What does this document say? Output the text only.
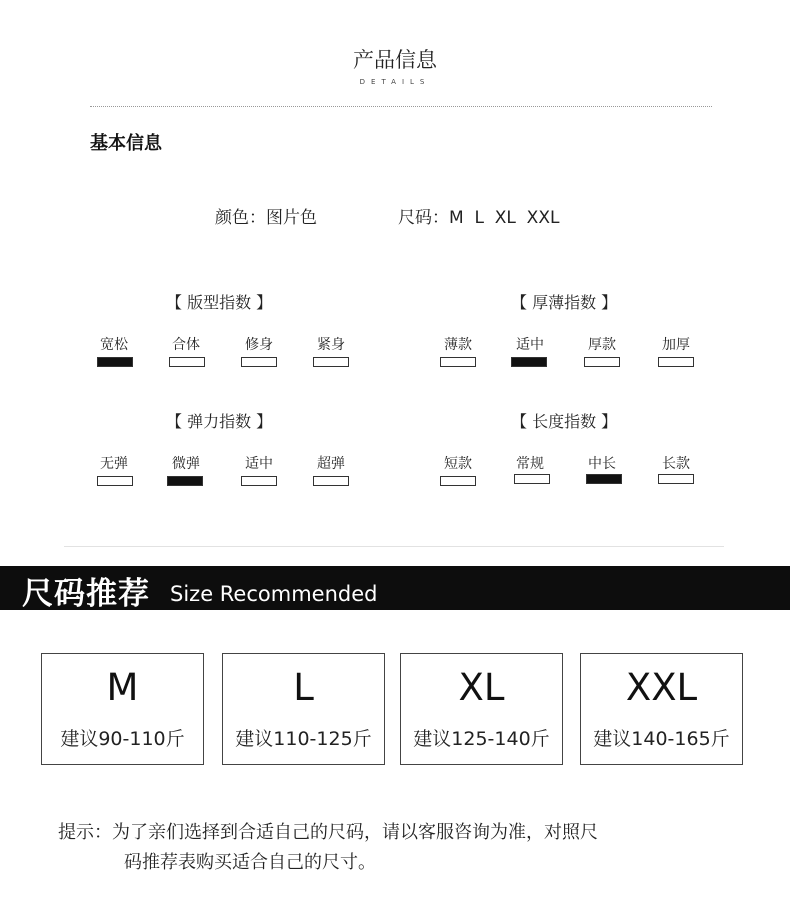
产品信息
DETAILS
基本信息
颜色：图片色	尺码：M  L  XL  XXL
【 版型指数 】
宽松	合体	修身	紧身
【 厚薄指数 】
薄款	适中	厚款	加厚
【 弹力指数 】
无弹	微弹	适中	超弹
【 长度指数 】
短款	常规	中长	长款
尺码推荐 Size Recommended
M
建议90-110斤
L
建议110-125斤
XL
建议125-140斤
XXL
建议140-165斤
提示：为了亲们选择到合适自己的尺码，请以客服咨询为准，对照尺
码推荐表购买适合自己的尺寸。
